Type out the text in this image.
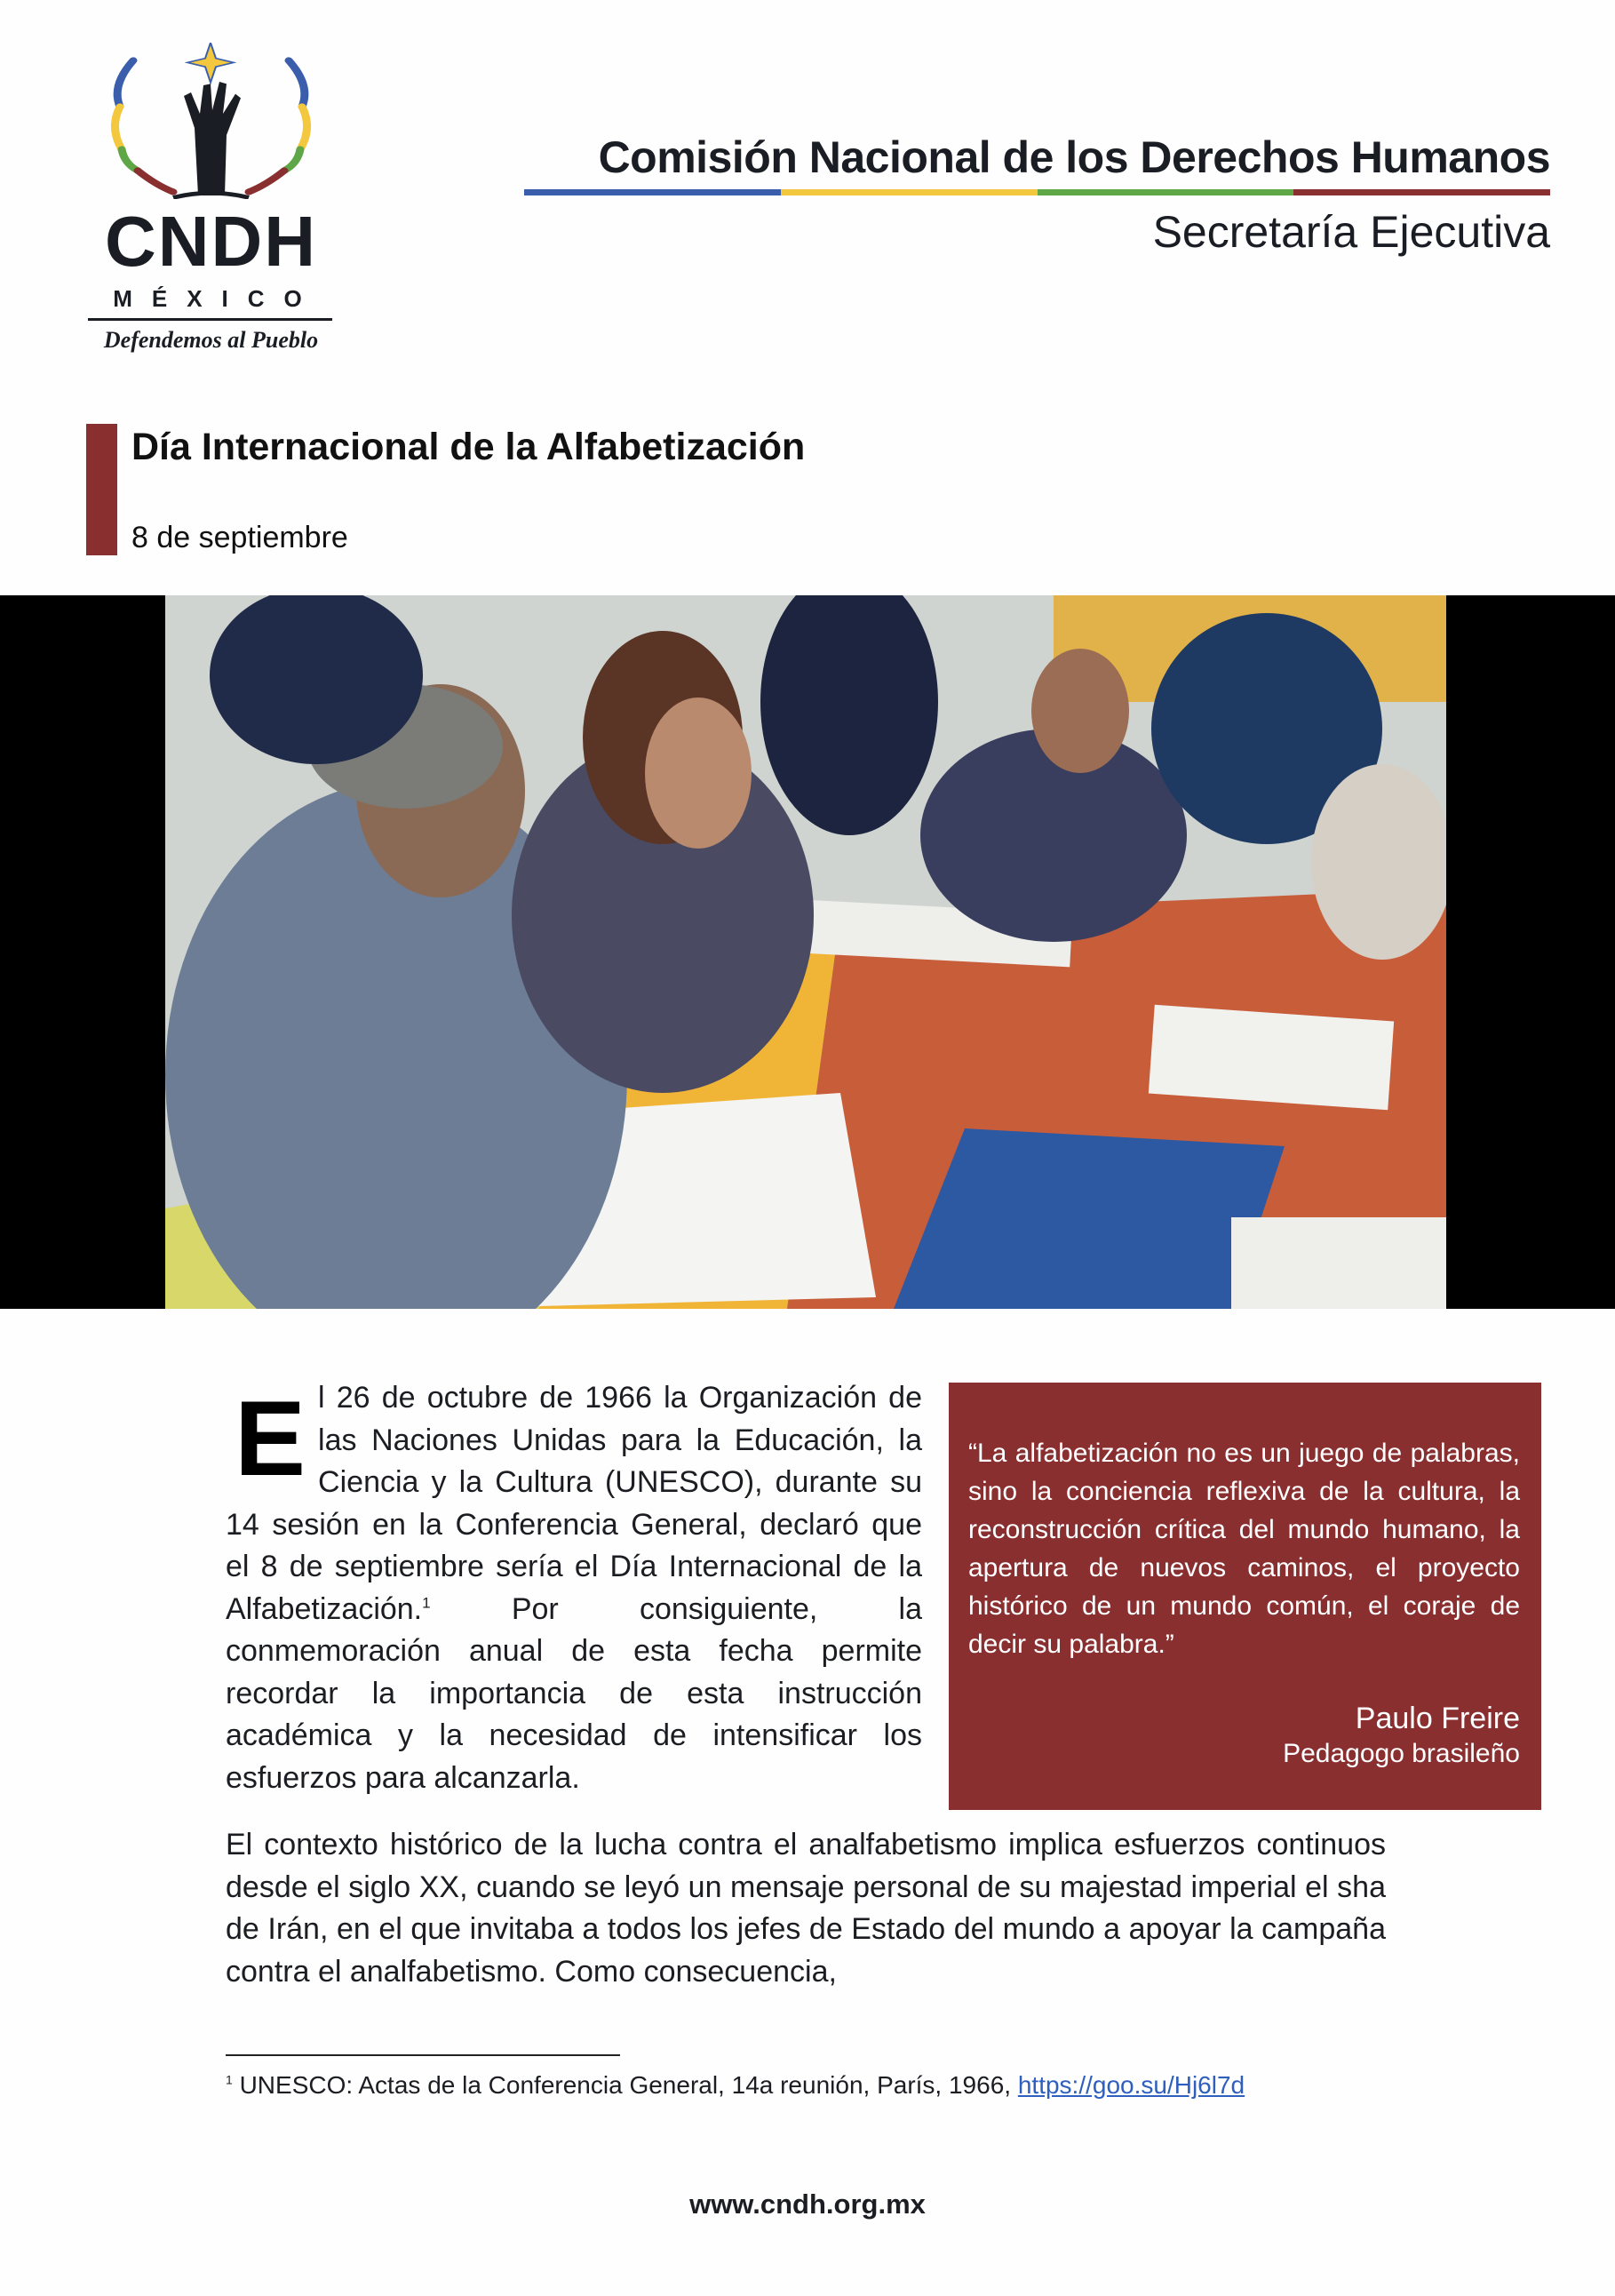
CNDH
MÉXICO
Defendemos al Pueblo
Comisión Nacional de los Derechos Humanos
Secretaría Ejecutiva
Día Internacional de la Alfabetización
8 de septiembre
El 26 de octubre de 1966 la Organización de las Naciones Unidas para la Educación, la Ciencia y la Cultura (UNESCO), durante su 14 sesión en la Conferencia General, declaró que el 8 de septiembre sería el Día Internacional de la Alfabetización.$^1$ Por consiguiente, la conmemoración anual de esta fecha permite recordar la importancia de esta instrucción académica y la necesidad de intensificar los esfuerzos para alcanzarla.
“La alfabetización no es un juego de palabras, sino la conciencia reflexiva de la cultura, la reconstrucción crítica del mundo humano, la apertura de nuevos caminos, el proyecto histórico de un mundo común, el coraje de decir su palabra.”
Paulo Freire
Pedagogo brasileño
El contexto histórico de la lucha contra el analfabetismo implica esfuerzos continuos desde el siglo XX, cuando se leyó un mensaje personal de su majestad imperial el sha de Irán, en el que invitaba a todos los jefes de Estado del mundo a apoyar la campaña contra el analfabetismo. Como consecuencia,
$^1$ UNESCO: Actas de la Conferencia General, 14a reunión, París, 1966, https://goo.su/Hj6l7d
www.cndh.org.mx
